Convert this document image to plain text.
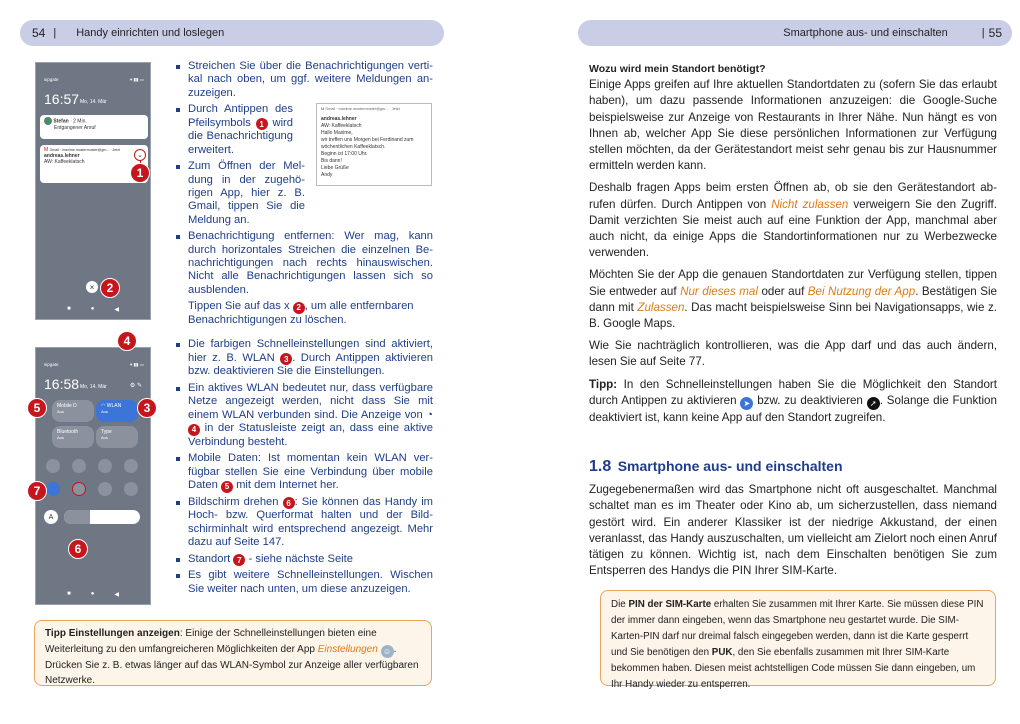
54 | Handy einrichten und loslegen
sipgate	▾ ▮▮ ▭
16:57 Mo, 14. Mär
Stefan · 2 Min.
Entgangener Anruf
M Gmail · maxime.mustermuster@gm... · Jetzt
andreas.lehner
AW: Kaffeeklatsch
⌄
1
×	2
■	●	◀
M Gmail · maxime.mustermuster@gm... · Jetzt
andreas.lehner
AW: Kaffeeklatsch
Hallo Maxime,
wir treffen uns Morgen bei Ferdinand zum
wöchentlichen Kaffeeklatsch.
Beginn ist 17:00 Uhr.
Bis dann!
Liebe Grüße
Andy
4
sipgate	▾ ▮▮ ▭
16:58 Mo, 14. Mär	⚙ ✎
Mobile D
Aus
◠ WLAN
Aus
Bluetooth
Aus
Type
Aus
A
■	●	◀
5	3
7
6
Streichen Sie über die Benachrichtigungen vertikal nach oben, um ggf. weitere Meldungen anzuzeigen.
Durch Antippen des Pfeilsymbols 1 wird die Benachrichtigung erweitert.
Zum Öffnen der Meldung in der zugehörigen App, hier z. B. Gmail, tippen Sie die Meldung an.
Benachrichtigung entfernen: Wer mag, kann durch horizontales Streichen die einzelnen Benachrichtigungen nach rechts hinauswischen. Nicht alle Benachrichtigungen lassen sich so ausblenden.
Tippen Sie auf das x 2 , um alle entfernbaren Benachrichtigungen zu löschen.
Die farbigen Schnelleinstellungen sind aktiviert, hier z. B. WLAN 3 . Durch Antippen aktivieren bzw. deaktivieren Sie die Einstellungen.
Ein aktives WLAN bedeutet nur, dass verfügbare Netze angezeigt werden, nicht dass Sie mit einem WLAN verbunden sind. Die Anzeige von ◔ 4 in der Statusleiste zeigt an, dass eine aktive Verbindung besteht.
Mobile Daten: Ist momentan kein WLAN verfügbar stellen Sie eine Verbindung über mobile Daten 5 mit dem Internet her.
Bildschirm drehen 6 : Sie können das Handy im Hoch- bzw. Querformat halten und der Bildschirminhalt wird entsprechend angezeigt. Mehr dazu auf Seite 147.
Standort 7 - siehe nächste Seite
Es gibt weitere Schnelleinstellungen. Wischen Sie weiter nach unten, um diese anzuzeigen.
Tipp Einstellungen anzeigen: Einige der Schnelleinstellungen bieten eine Weiterleitung zu den umfangreicheren Möglichkeiten der App Einstellungen ☺ . Drücken Sie z. B. etwas länger auf das WLAN-Symbol zur Anzeige aller verfügbaren Netzwerke.
Smartphone aus- und einschalten	| 55
Wozu wird mein Standort benötigt?

Einige Apps greifen auf Ihre aktuellen Standortdaten zu (sofern Sie das erlaubt haben), um dazu passende Informationen anzuzeigen: die Google-Suche beispielsweise zur Anzeige von Restaurants in Ihrer Nähe. Nun hängt es von Ihnen ab, welcher App Sie diese persönlichen Informationen zur Verfügung stellen möchten, da der Gerätestandort meist sehr genau bis zur Hausnummer ermitteln werden kann.

Deshalb fragen Apps beim ersten Öffnen ab, ob sie den Gerätestandort abrufen dürfen. Durch Antippen von Nicht zulassen verweigern Sie den Zugriff. Damit verzichten Sie meist auch auf eine Funktion der App, manchmal aber auch nicht, da einige Apps die Standortinformationen nur zu Werbezwecke verwenden.

Möchten Sie der App die genauen Standortdaten zur Verfügung stellen, tippen Sie entweder auf Nur dieses mal oder auf Bei Nutzung der App. Bestätigen Sie dann mit Zulassen. Das macht beispielsweise Sinn bei Navigationsapps, wie z. B. Google Maps.

Wie Sie nachträglich kontrollieren, was die App darf und das auch ändern, lesen Sie auf Seite 77.

Tipp: In den Schnelleinstellungen haben Sie die Möglichkeit den Standort durch Antippen zu aktivieren ➤ bzw. zu deaktivieren ➚ . Solange die Funktion deaktiviert ist, kann keine App auf den Standort zugreifen.

1.8 Smartphone aus- und einschalten

Zugegebenermaßen wird das Smartphone nicht oft ausgeschaltet. Manchmal schaltet man es im Theater oder Kino ab, um sicherzustellen, dass niemand gestört wird. Ein anderer Klassiker ist der niedrige Akkustand, der einen veranlasst, das Handy auszuschalten, um vielleicht am Zielort noch einen Anruf tätigen zu können. Wichtig ist, nach dem Einschalten benötigen Sie zum Entsperren des Handys die PIN Ihrer SIM-Karte.

Die PIN der SIM-Karte erhalten Sie zusammen mit Ihrer Karte. Sie müssen diese PIN der immer dann eingeben, wenn das Smartphone neu gestartet wurde. Die SIM-Karten-PIN darf nur dreimal falsch eingegeben werden, dann ist die Karte gesperrt und Sie benötigen den PUK, den Sie ebenfalls zusammen mit Ihrer SIM-Karte bekommen haben. Diesen meist achtstelligen Code müssen Sie dann eingeben, um Ihr Handy wieder zu entsperren.
